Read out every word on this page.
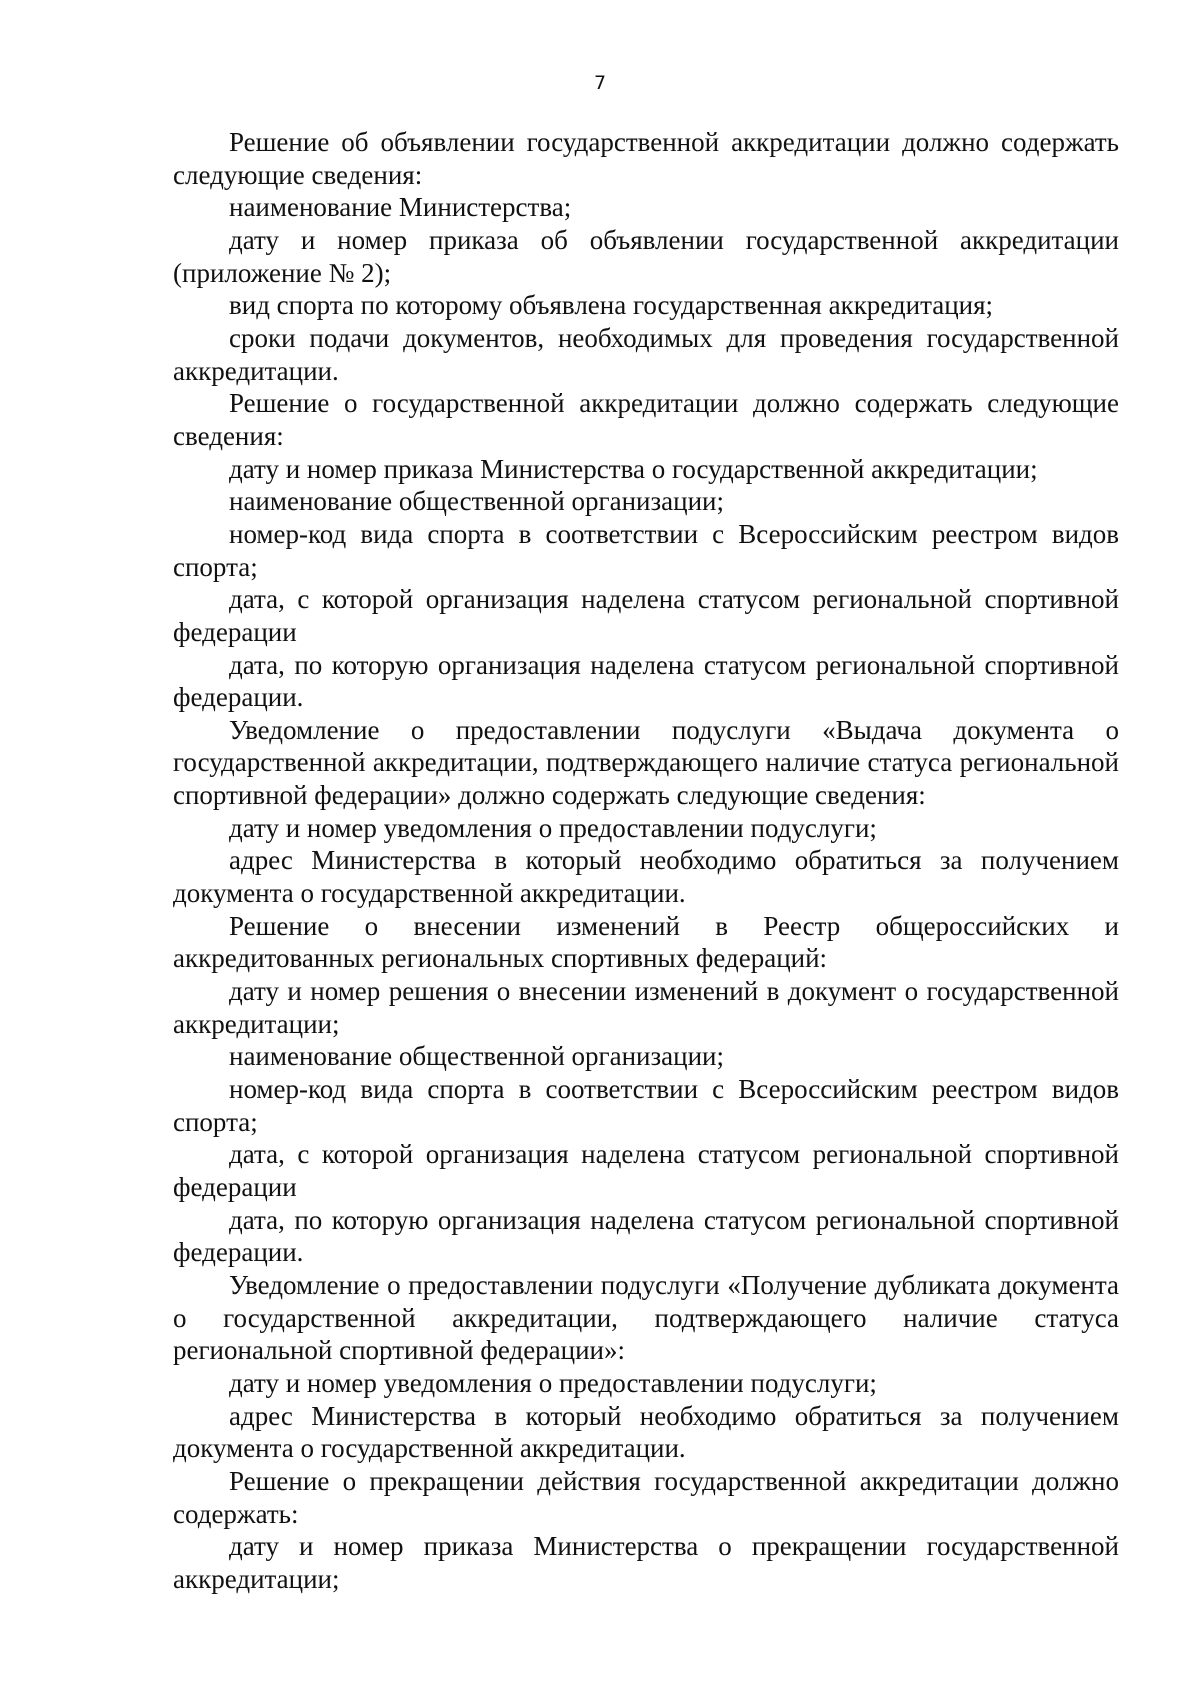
7

Решение об объявлении государственной аккредитации должно содержать следующие сведения:

наименование Министерства;

дату и номер приказа об объявлении государственной аккредитации (приложение № 2);

вид спорта по которому объявлена государственная аккредитация;

сроки подачи документов, необходимых для проведения государственной аккредитации.

Решение о государственной аккредитации должно содержать следующие сведения:

дату и номер приказа Министерства о государственной аккредитации;

наименование общественной организации;

номер-код вида спорта в соответствии с Всероссийским реестром видов спорта;

дата, с которой организация наделена статусом региональной спортивной федерации

дата, по которую организация наделена статусом региональной спортивной федерации.

Уведомление о предоставлении подуслуги «Выдача документа о государственной аккредитации, подтверждающего наличие статуса региональной спортивной федерации» должно содержать следующие сведения:

дату и номер уведомления о предоставлении подуслуги;

адрес Министерства в который необходимо обратиться за получением документа о государственной аккредитации.

Решение о внесении изменений в Реестр общероссийских и аккредитованных региональных спортивных федераций:

дату и номер решения о внесении изменений в документ о государственной аккредитации;

наименование общественной организации;

номер-код вида спорта в соответствии с Всероссийским реестром видов спорта;

дата, с которой организация наделена статусом региональной спортивной федерации

дата, по которую организация наделена статусом региональной спортивной федерации.

Уведомление о предоставлении подуслуги «Получение дубликата документа о государственной аккредитации, подтверждающего наличие статуса региональной спортивной федерации»:

дату и номер уведомления о предоставлении подуслуги;

адрес Министерства в который необходимо обратиться за получением документа о государственной аккредитации.

Решение о прекращении действия государственной аккредитации должно содержать:

дату и номер приказа Министерства о прекращении государственной аккредитации;
